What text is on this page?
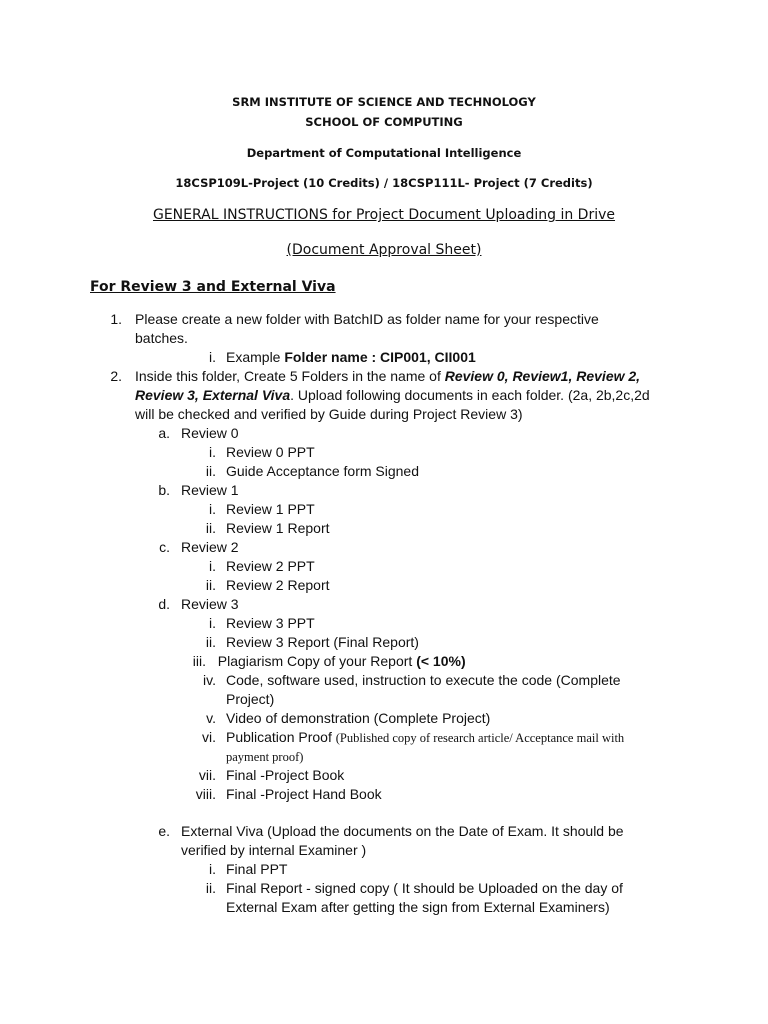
SRM INSTITUTE OF SCIENCE AND TECHNOLOGY
SCHOOL OF COMPUTING
Department of Computational Intelligence
18CSP109L-Project (10 Credits) / 18CSP111L- Project (7 Credits)
GENERAL INSTRUCTIONS for Project Document Uploading in Drive
(Document Approval Sheet)
For Review 3 and External Viva
1. Please create a new folder with BatchID as folder name for your respective
batches.
i. Example Folder name : CIP001, CII001
2. Inside this folder, Create 5 Folders in the name of Review 0, Review1, Review 2,
Review 3, External Viva. Upload following documents in each folder. (2a, 2b,2c,2d
will be checked and verified by Guide during Project Review 3)
a. Review 0
i. Review 0 PPT
ii. Guide Acceptance form Signed
b. Review 1
i. Review 1 PPT
ii. Review 1 Report
c. Review 2
i. Review 2 PPT
ii. Review 2 Report
d. Review 3
i. Review 3 PPT
ii. Review 3 Report (Final Report)
iii. Plagiarism Copy of your Report (< 10%)
iv. Code, software used, instruction to execute the code (Complete
Project)
v. Video of demonstration (Complete Project)
vi. Publication Proof (Published copy of research article/ Acceptance mail with
payment proof)
vii. Final -Project Book
viii. Final -Project Hand Book
e. External Viva (Upload the documents on the Date of Exam. It should be
verified by internal Examiner )
i. Final PPT
ii. Final Report - signed copy ( It should be Uploaded on the day of
External Exam after getting the sign from External Examiners)
